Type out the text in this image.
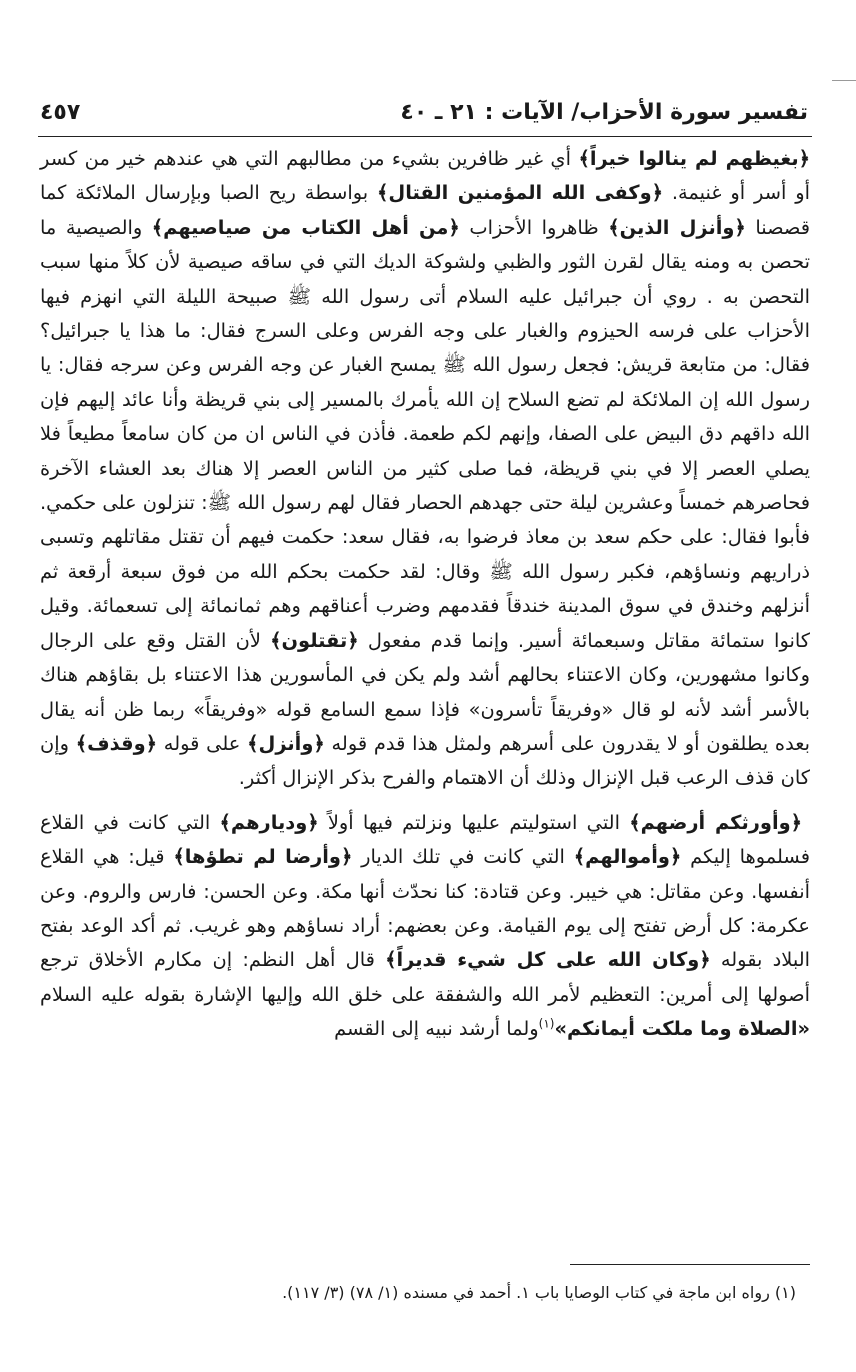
تفسير سورة الأحزاب/ الآيات : ٢١ ـ ٤٠
٤٥٧

﴿بغيظهم لم ينالوا خيراً﴾ أي غير ظافرين بشيء من مطالبهم التي هي عندهم خير من كسر أو أسر أو غنيمة. ﴿وكفى الله المؤمنين القتال﴾ بواسطة ريح الصبا وبإرسال الملائكة كما قصصنا ﴿وأنزل الذين﴾ ظاهروا الأحزاب ﴿من أهل الكتاب من صياصيهم﴾ والصيصية ما تحصن به ومنه يقال لقرن الثور والظبي ولشوكة الديك التي في ساقه صيصية لأن كلاً منها سبب التحصن به . روي أن جبرائيل عليه السلام أتى رسول الله ﷺ صبيحة الليلة التي انهزم فيها الأحزاب على فرسه الحيزوم والغبار على وجه الفرس وعلى السرج فقال: ما هذا يا جبرائيل؟ فقال: من متابعة قريش: فجعل رسول الله ﷺ يمسح الغبار عن وجه الفرس وعن سرجه فقال: يا رسول الله إن الملائكة لم تضع السلاح إن الله يأمرك بالمسير إلى بني قريظة وأنا عائد إليهم فإن الله داقهم دق البيض على الصفا، وإنهم لكم طعمة. فأذن في الناس ان من كان سامعاً مطيعاً فلا يصلي العصر إلا في بني قريظة، فما صلى كثير من الناس العصر إلا هناك بعد العشاء الآخرة فحاصرهم خمساً وعشرين ليلة حتى جهدهم الحصار فقال لهم رسول الله ﷺ: تنزلون على حكمي. فأبوا فقال: على حكم سعد بن معاذ فرضوا به، فقال سعد: حكمت فيهم أن تقتل مقاتلهم وتسبى ذراريهم ونساؤهم، فكبر رسول الله ﷺ وقال: لقد حكمت بحكم الله من فوق سبعة أرقعة ثم أنزلهم وخندق في سوق المدينة خندقاً فقدمهم وضرب أعناقهم وهم ثمانمائة إلى تسعمائة. وقيل كانوا ستمائة مقاتل وسبعمائة أسير. وإنما قدم مفعول ﴿تقتلون﴾ لأن القتل وقع على الرجال وكانوا مشهورين، وكان الاعتناء بحالهم أشد ولم يكن في المأسورين هذا الاعتناء بل بقاؤهم هناك بالأسر أشد لأنه لو قال «وفريقاً تأسرون» فإذا سمع السامع قوله «وفريقاً» ربما ظن أنه يقال بعده يطلقون أو لا يقدرون على أسرهم ولمثل هذا قدم قوله ﴿وأنزل﴾ على قوله ﴿وقذف﴾ وإن كان قذف الرعب قبل الإنزال وذلك أن الاهتمام والفرح بذكر الإنزال أكثر.

﴿وأورثكم أرضهم﴾ التي استوليتم عليها ونزلتم فيها أولاً ﴿وديارهم﴾ التي كانت في القلاع فسلموها إليكم ﴿وأموالهم﴾ التي كانت في تلك الديار ﴿وأرضا لم تطؤها﴾ قيل: هي القلاع أنفسها. وعن مقاتل: هي خيبر. وعن قتادة: كنا نحدّث أنها مكة. وعن الحسن: فارس والروم. وعن عكرمة: كل أرض تفتح إلى يوم القيامة. وعن بعضهم: أراد نساؤهم وهو غريب. ثم أكد الوعد بفتح البلاد بقوله ﴿وكان الله على كل شيء قديراً﴾ قال أهل النظم: إن مكارم الأخلاق ترجع أصولها إلى أمرين: التعظيم لأمر الله والشفقة على خلق الله وإليها الإشارة بقوله عليه السلام «الصلاة وما ملكت أيمانكم»$^{(١)}$ولما أرشد نبيه إلى القسم

(١) رواه ابن ماجة في كتاب الوصايا باب ١. أحمد في مسنده (١/ ٧٨) (٣/ ١١٧).
